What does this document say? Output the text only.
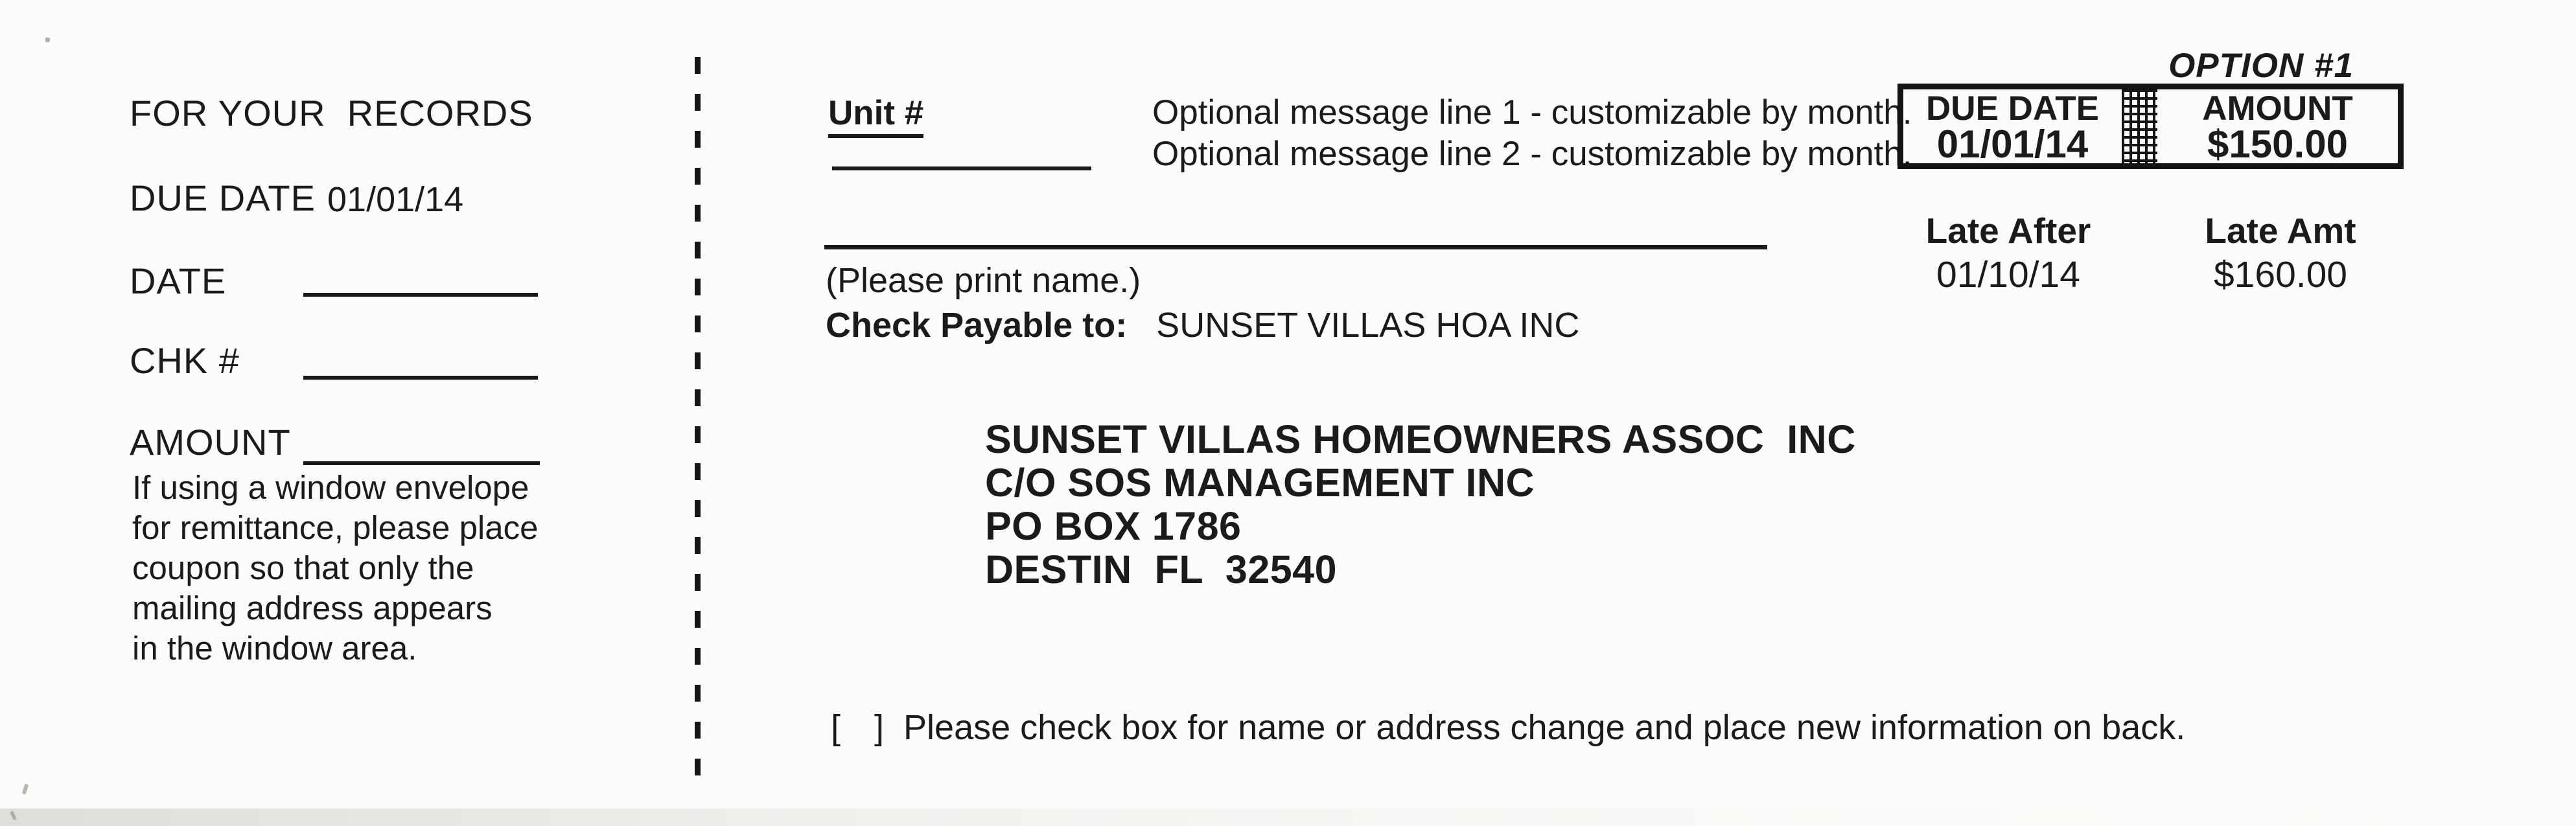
FOR YOUR  RECORDS
DUE DATE 01/01/14
DATE
CHK #
AMOUNT
If using a window envelope
for remittance, please place
coupon so that only the
mailing address appears
in the window area.
Unit #	Optional message line 1 - customizable by month.
Optional message line 2 - customizable by month.
(Please print name.)
Check Payable to: SUNSET VILLAS HOA INC
SUNSET VILLAS HOMEOWNERS ASSOC  INC
C/O SOS MANAGEMENT INC
PO BOX 1786
DESTIN  FL  32540
[ ] Please check box for name or address change and place new information on back.
OPTION #1
DUE DATE
01/01/14
AMOUNT
$150.00
Late After
01/10/14
Late Amt
$160.00
